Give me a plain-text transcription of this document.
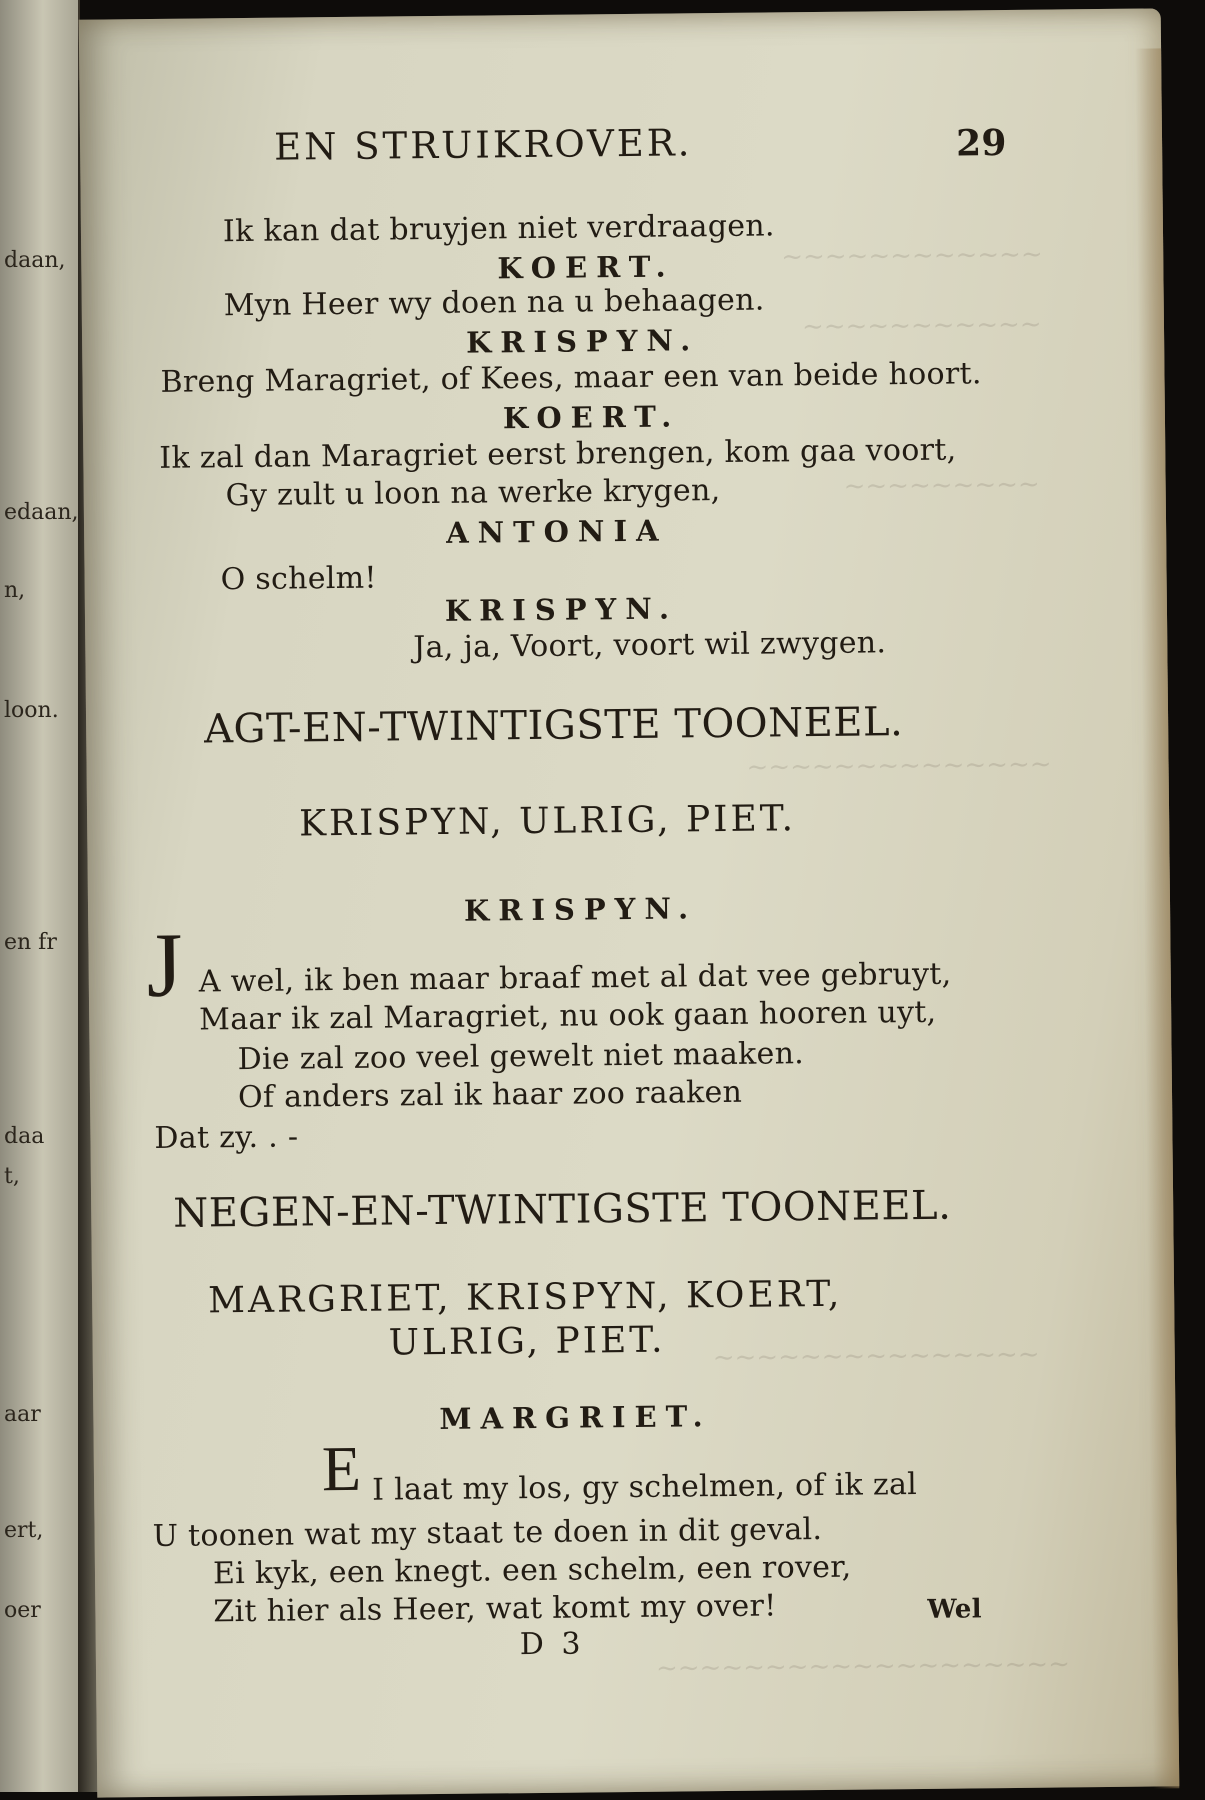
daan,
edaan,
n,
loon.
en fr
daa
t,
aar
ert,
oer
EN STRUIKROVER.	29
Ik kan dat bruyjen niet verdraagen.
KOERT.
Myn Heer wy doen na u behaagen.
KRISPYN.
Breng Maragriet, of Kees, maar een van beide hoort.
KOERT.
Ik zal dan Maragriet eerst brengen, kom gaa voort,
Gy zult u loon na werke krygen,
ANTONIA
O schelm!
KRISPYN.
Ja, ja, Voort, voort wil zwygen.
AGT-EN-TWINTIGSTE TOONEEL.
KRISPYN, ULRIG, PIET.
KRISPYN.
J A wel, ik ben maar braaf met al dat vee gebruyt,
Maar ik zal Maragriet, nu ook gaan hooren uyt,
Die zal zoo veel gewelt niet maaken.
Of anders zal ik haar zoo raaken
Dat zy. . -
NEGEN-EN-TWINTIGSTE TOONEEL.
MARGRIET, KRISPYN, KOERT,
ULRIG, PIET.
MARGRIET.
E I laat my los, gy schelmen, of ik zal
U toonen wat my staat te doen in dit geval.
Ei kyk, een knegt. een schelm, een rover,
Zit hier als Heer, wat komt my over!	Wel
D 3
~~~~~~~~~~~~
~~~~~~~~~~~
~~~~~~~~~
~~~~~~~~~~~~~~
~~~~~~~~~~~~~~~
~~~~~~~~~~~~~~~~~~~
